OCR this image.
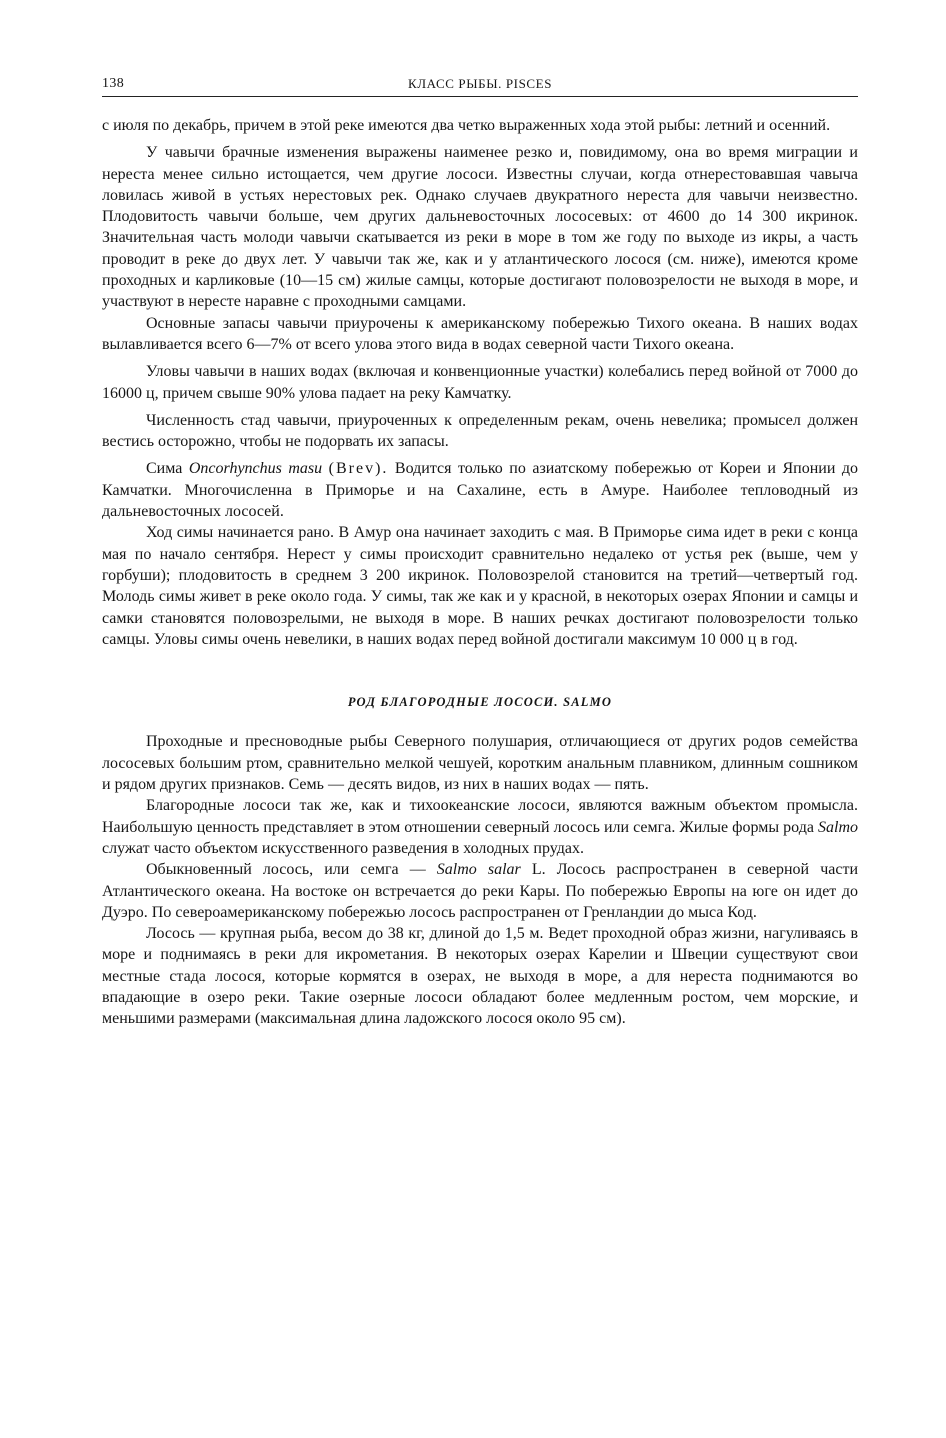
138	КЛАСС РЫБЫ. PISCES

с июля по декабрь, причем в этой реке имеются два четко выраженных хода этой рыбы: летний и осенний.

У чавычи брачные изменения выражены наименее резко и, повидимому, она во время миграции и нереста менее сильно истощается, чем другие лососи. Известны случаи, когда отнерестовавшая чавыча ловилась живой в устьях нерестовых рек. Однако случаев двукратного нереста для чавычи неизвестно. Плодовитость чавычи больше, чем других дальневосточных лососевых: от 4600 до 14 300 икринок. Значительная часть молоди чавычи скатывается из реки в море в том же году по выходе из икры, а часть проводит в реке до двух лет. У чавычи так же, как и у атлантического лосося (см. ниже), имеются кроме проходных и карликовые (10—15 см) жилые самцы, которые достигают половозрелости не выходя в море, и участвуют в нересте наравне с проходными самцами.

Основные запасы чавычи приурочены к американскому побережью Тихого океана. В наших водах вылавливается всего 6—7% от всего улова этого вида в водах северной части Тихого океана.

Уловы чавычи в наших водах (включая и конвенционные участки) колебались перед войной от 7000 до 16000 ц, причем свыше 90% улова падает на реку Камчатку.

Численность стад чавычи, приуроченных к определенным рекам, очень невелика; промысел должен вестись осторожно, чтобы не подорвать их запасы.

Сима Oncorhynchus masu (Brev). Водится только по азиатскому побережью от Кореи и Японии до Камчатки. Многочисленна в Приморье и на Сахалине, есть в Амуре. Наиболее тепловодный из дальневосточных лососей.

Ход симы начинается рано. В Амур она начинает заходить с мая. В Приморье сима идет в реки с конца мая по начало сентября. Нерест у симы происходит сравнительно недалеко от устья рек (выше, чем у горбуши); плодовитость в среднем 3 200 икринок. Половозрелой становится на третий—четвертый год. Молодь симы живет в реке около года. У симы, так же как и у красной, в некоторых озерах Японии и самцы и самки становятся половозрелыми, не выходя в море. В наших речках достигают половозрелости только самцы. Уловы симы очень невелики, в наших водах перед войной достигали максимум 10 000 ц в год.

РОД БЛАГОРОДНЫЕ ЛОСОСИ. SALMO

Проходные и пресноводные рыбы Северного полушария, отличающиеся от других родов семейства лососевых большим ртом, сравнительно мелкой чешуей, коротким анальным плавником, длинным сошником и рядом других признаков. Семь — десять видов, из них в наших водах — пять.

Благородные лососи так же, как и тихоокеанские лососи, являются важным объектом промысла. Наибольшую ценность представляет в этом отношении северный лосось или семга. Жилые формы рода Salmo служат часто объектом искусственного разведения в холодных прудах.

Обыкновенный лосось, или семга — Salmo salar L. Лосось распространен в северной части Атлантического океана. На востоке он встречается до реки Кары. По побережью Европы на юге он идет до Дуэро. По североамериканскому побережью лосось распространен от Гренландии до мыса Код.

Лосось — крупная рыба, весом до 38 кг, длиной до 1,5 м. Ведет проходной образ жизни, нагуливаясь в море и поднимаясь в реки для икрометания. В некоторых озерах Карелии и Швеции существуют свои местные стада лосося, которые кормятся в озерах, не выходя в море, а для нереста поднимаются во впадающие в озеро реки. Такие озерные лососи обладают более медленным ростом, чем морские, и меньшими размерами (максимальная длина ладожского лосося около 95 см).
